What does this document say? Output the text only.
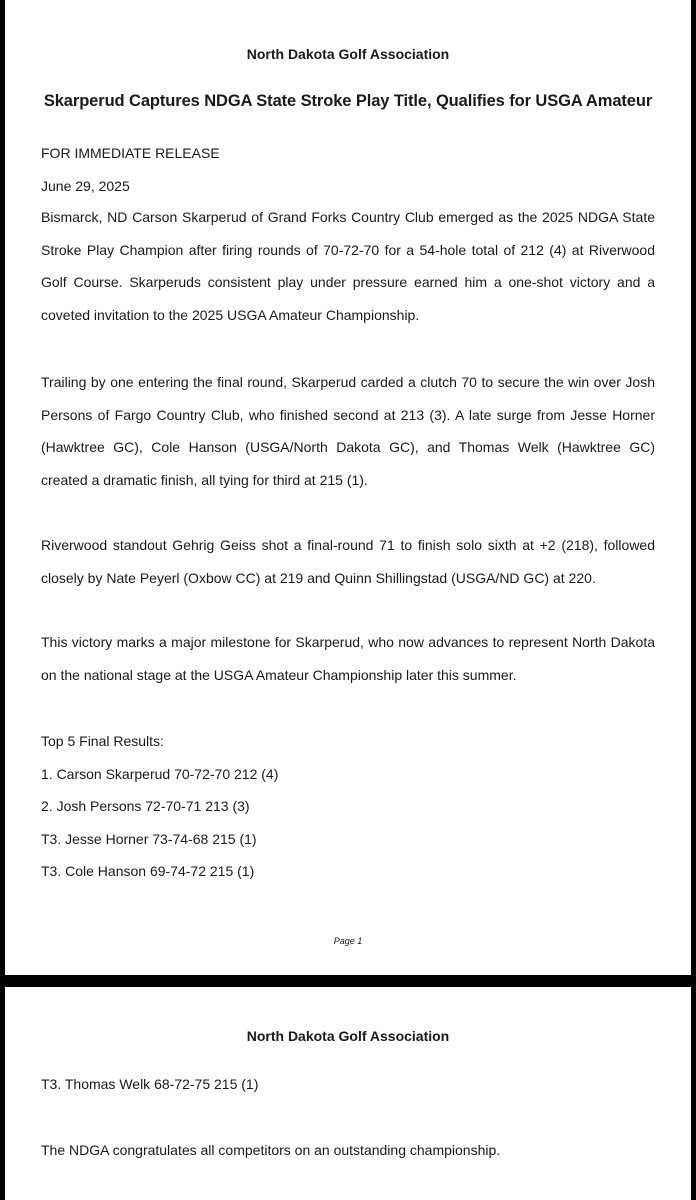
North Dakota Golf Association
Skarperud Captures NDGA State Stroke Play Title, Qualifies for USGA Amateur
FOR IMMEDIATE RELEASE
June 29, 2025

Bismarck, ND Carson Skarperud of Grand Forks Country Club emerged as the 2025 NDGA State Stroke Play Champion after firing rounds of 70-72-70 for a 54-hole total of 212 (4) at Riverwood Golf Course. Skarperuds consistent play under pressure earned him a one-shot victory and a coveted invitation to the 2025 USGA Amateur Championship.

Trailing by one entering the final round, Skarperud carded a clutch 70 to secure the win over Josh Persons of Fargo Country Club, who finished second at 213 (3). A late surge from Jesse Horner (Hawktree GC), Cole Hanson (USGA/North Dakota GC), and Thomas Welk (Hawktree GC) created a dramatic finish, all tying for third at 215 (1).

Riverwood standout Gehrig Geiss shot a final-round 71 to finish solo sixth at +2 (218), followed closely by Nate Peyerl (Oxbow CC) at 219 and Quinn Shillingstad (USGA/ND GC) at 220.

This victory marks a major milestone for Skarperud, who now advances to represent North Dakota on the national stage at the USGA Amateur Championship later this summer.

Top 5 Final Results:
1. Carson Skarperud 70-72-70 212 (4)
2. Josh Persons 72-70-71 213 (3)
T3. Jesse Horner 73-74-68 215 (1)
T3. Cole Hanson 69-74-72 215 (1)
Page 1
North Dakota Golf Association
T3. Thomas Welk 68-72-75 215 (1)
The NDGA congratulates all competitors on an outstanding championship.
